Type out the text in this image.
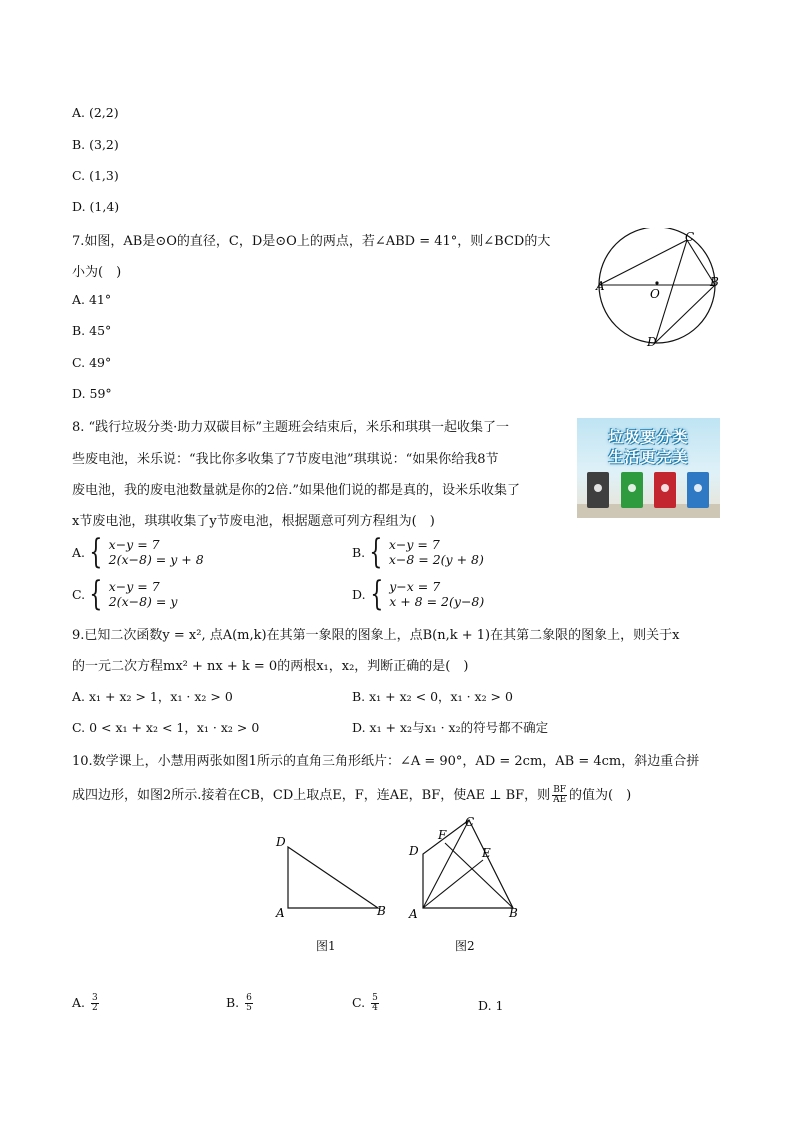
A. (2,2)
B. (3,2)
C. (1,3)
D. (1,4)
7.如图，AB是⊙O的直径，C，D是⊙O上的两点，若∠ABD = 41°，则∠BCD的大
小为(　)
A. 41°
B. 45°
C. 49°
D. 59°
A	B
C
D
O
8. “践行垃圾分类·助力双碳目标”主题班会结束后，米乐和琪琪一起收集了一
些废电池，米乐说：“我比你多收集了7节废电池”琪琪说：“如果你给我8节
废电池，我的废电池数量就是你的2倍.”如果他们说的都是真的，设米乐收集了
x节废电池，琪琪收集了y节废电池，根据题意可列方程组为(　)
垃圾要分类
生活更完美
A. { x−y = 7
2(x−8) = y + 8	B. { x−y = 7
x−8 = 2(y + 8)
C. { x−y = 7
2(x−8) = y	D. { y−x = 7
x + 8 = 2(y−8)
9.已知二次函数y = x², 点A(m,k)在其第一象限的图象上，点B(n,k + 1)在其第二象限的图象上，则关于x
的一元二次方程mx² + nx + k = 0的两根x₁，x₂，判断正确的是(　)
A. x₁ + x₂ > 1，x₁ · x₂ > 0	B. x₁ + x₂ < 0，x₁ · x₂ > 0
C. 0 < x₁ + x₂ < 1，x₁ · x₂ > 0	D. x₁ + x₂与x₁ · x₂的符号都不确定
10.数学课上，小慧用两张如图1所示的直角三角形纸片：∠A = 90°，AD = 2cm，AB = 4cm，斜边重合拼
成四边形，如图2所示.接着在CB，CD上取点E，F，连AE，BF，使AE ⊥ BF，则 $\frac{BF}{AE}$ 的值为(　)
D
A	B
图1
D
F
C
E
A	B
图2
A. $\frac{3}{2}$	B. $\frac{6}{5}$	C. $\frac{5}{4}$	D. 1
